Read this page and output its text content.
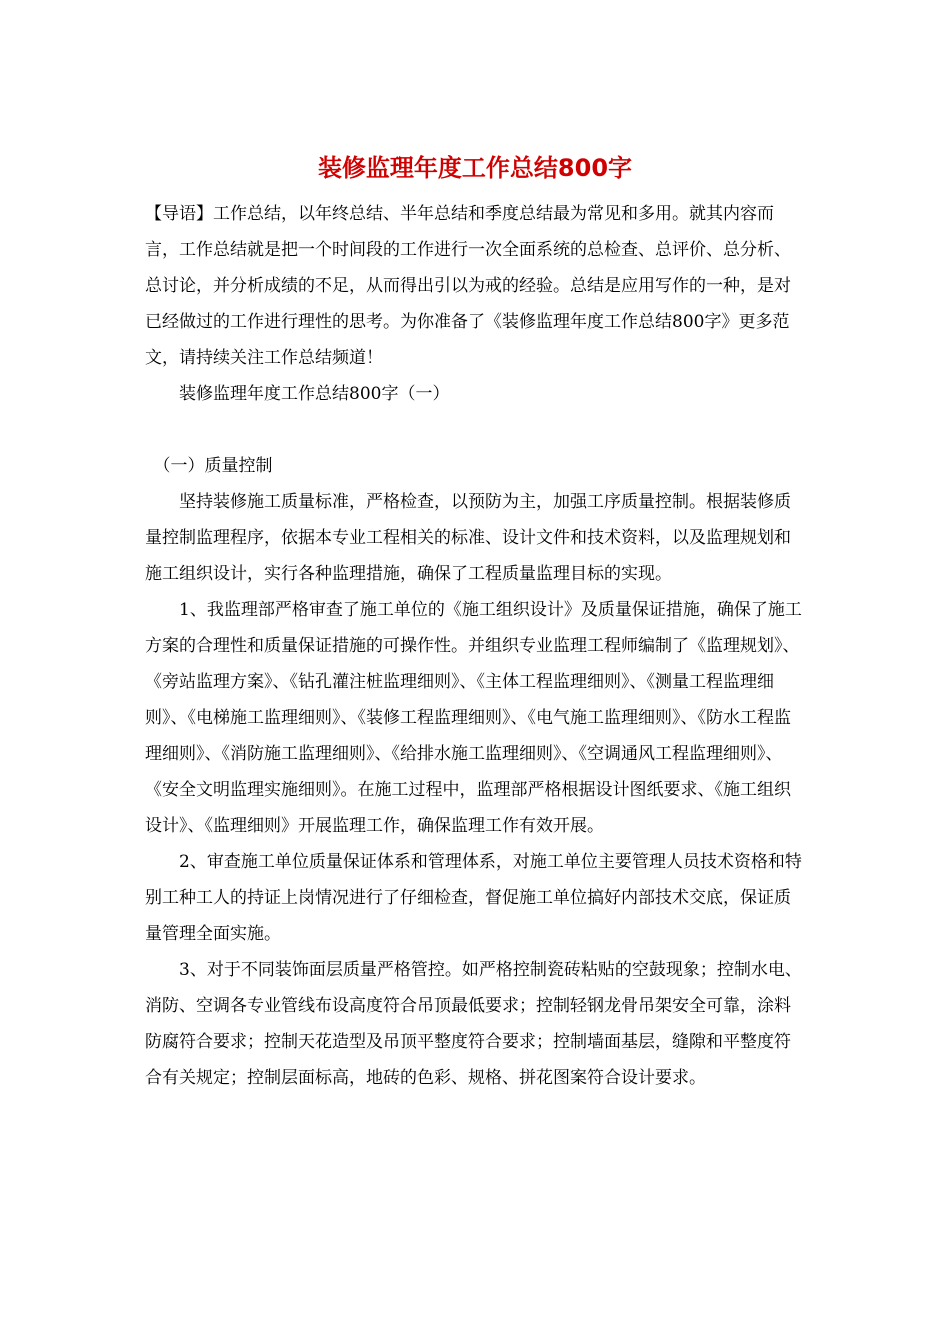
装修监理年度工作总结800字

【导语】工作总结，以年终总结、半年总结和季度总结最为常见和多用。就其内容而言，工作总结就是把一个时间段的工作进行一次全面系统的总检查、总评价、总分析、总讨论，并分析成绩的不足，从而得出引以为戒的经验。总结是应用写作的一种，是对已经做过的工作进行理性的思考。为你准备了《装修监理年度工作总结800字》更多范文，请持续关注工作总结频道！

装修监理年度工作总结800字（一）

（一）质量控制

坚持装修施工质量标准，严格检查，以预防为主，加强工序质量控制。根据装修质量控制监理程序，依据本专业工程相关的标准、设计文件和技术资料，以及监理规划和施工组织设计，实行各种监理措施，确保了工程质量监理目标的实现。

1、我监理部严格审查了施工单位的《施工组织设计》及质量保证措施，确保了施工方案的合理性和质量保证措施的可操作性。并组织专业监理工程师编制了《监理规划》、《旁站监理方案》、《钻孔灌注桩监理细则》、《主体工程监理细则》、《测量工程监理细则》、《电梯施工监理细则》、《装修工程监理细则》、《电气施工监理细则》、《防水工程监理细则》、《消防施工监理细则》、《给排水施工监理细则》、《空调通风工程监理细则》、《安全文明监理实施细则》。在施工过程中，监理部严格根据设计图纸要求、《施工组织设计》、《监理细则》开展监理工作，确保监理工作有效开展。

2、审查施工单位质量保证体系和管理体系，对施工单位主要管理人员技术资格和特别工种工人的持证上岗情况进行了仔细检查，督促施工单位搞好内部技术交底，保证质量管理全面实施。

3、对于不同装饰面层质量严格管控。如严格控制瓷砖粘贴的空鼓现象；控制水电、消防、空调各专业管线布设高度符合吊顶最低要求；控制轻钢龙骨吊架安全可靠，涂料防腐符合要求；控制天花造型及吊顶平整度符合要求；控制墙面基层，缝隙和平整度符合有关规定；控制层面标高，地砖的色彩、规格、拼花图案符合设计要求。
